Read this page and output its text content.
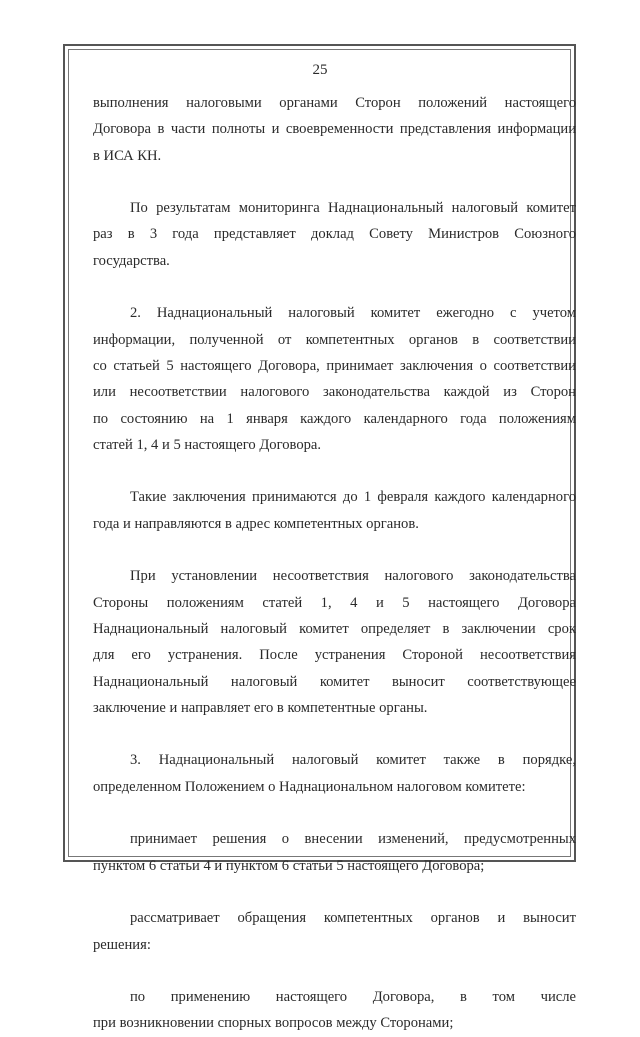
25
выполнения налоговыми органами Сторон положений настоящего
Договора в части полноты и своевременности представления информации
в ИСА КН.
По результатам мониторинга Наднациональный налоговый комитет
раз в 3 года представляет доклад Совету Министров Союзного
государства.
2. Наднациональный налоговый комитет ежегодно с учетом
информации, полученной от компетентных органов в соответствии
со статьей 5 настоящего Договора, принимает заключения о соответствии
или несоответствии налогового законодательства каждой из Сторон
по состоянию на 1 января каждого календарного года положениям
статей 1, 4 и 5 настоящего Договора.
Такие заключения принимаются до 1 февраля каждого календарного
года и направляются в адрес компетентных органов.
При установлении несоответствия налогового законодательства
Стороны положениям статей 1, 4 и 5 настоящего Договора
Наднациональный налоговый комитет определяет в заключении срок
для его устранения. После устранения Стороной несоответствия
Наднациональный налоговый комитет выносит соответствующее
заключение и направляет его в компетентные органы.
3. Наднациональный налоговый комитет также в порядке,
определенном Положением о Наднациональном налоговом комитете:
принимает решения о внесении изменений, предусмотренных
пунктом 6 статьи 4 и пунктом 6 статьи 5 настоящего Договора;
рассматривает обращения компетентных органов и выносит
решения:
по применению настоящего Договора, в том числе
при возникновении спорных вопросов между Сторонами;
